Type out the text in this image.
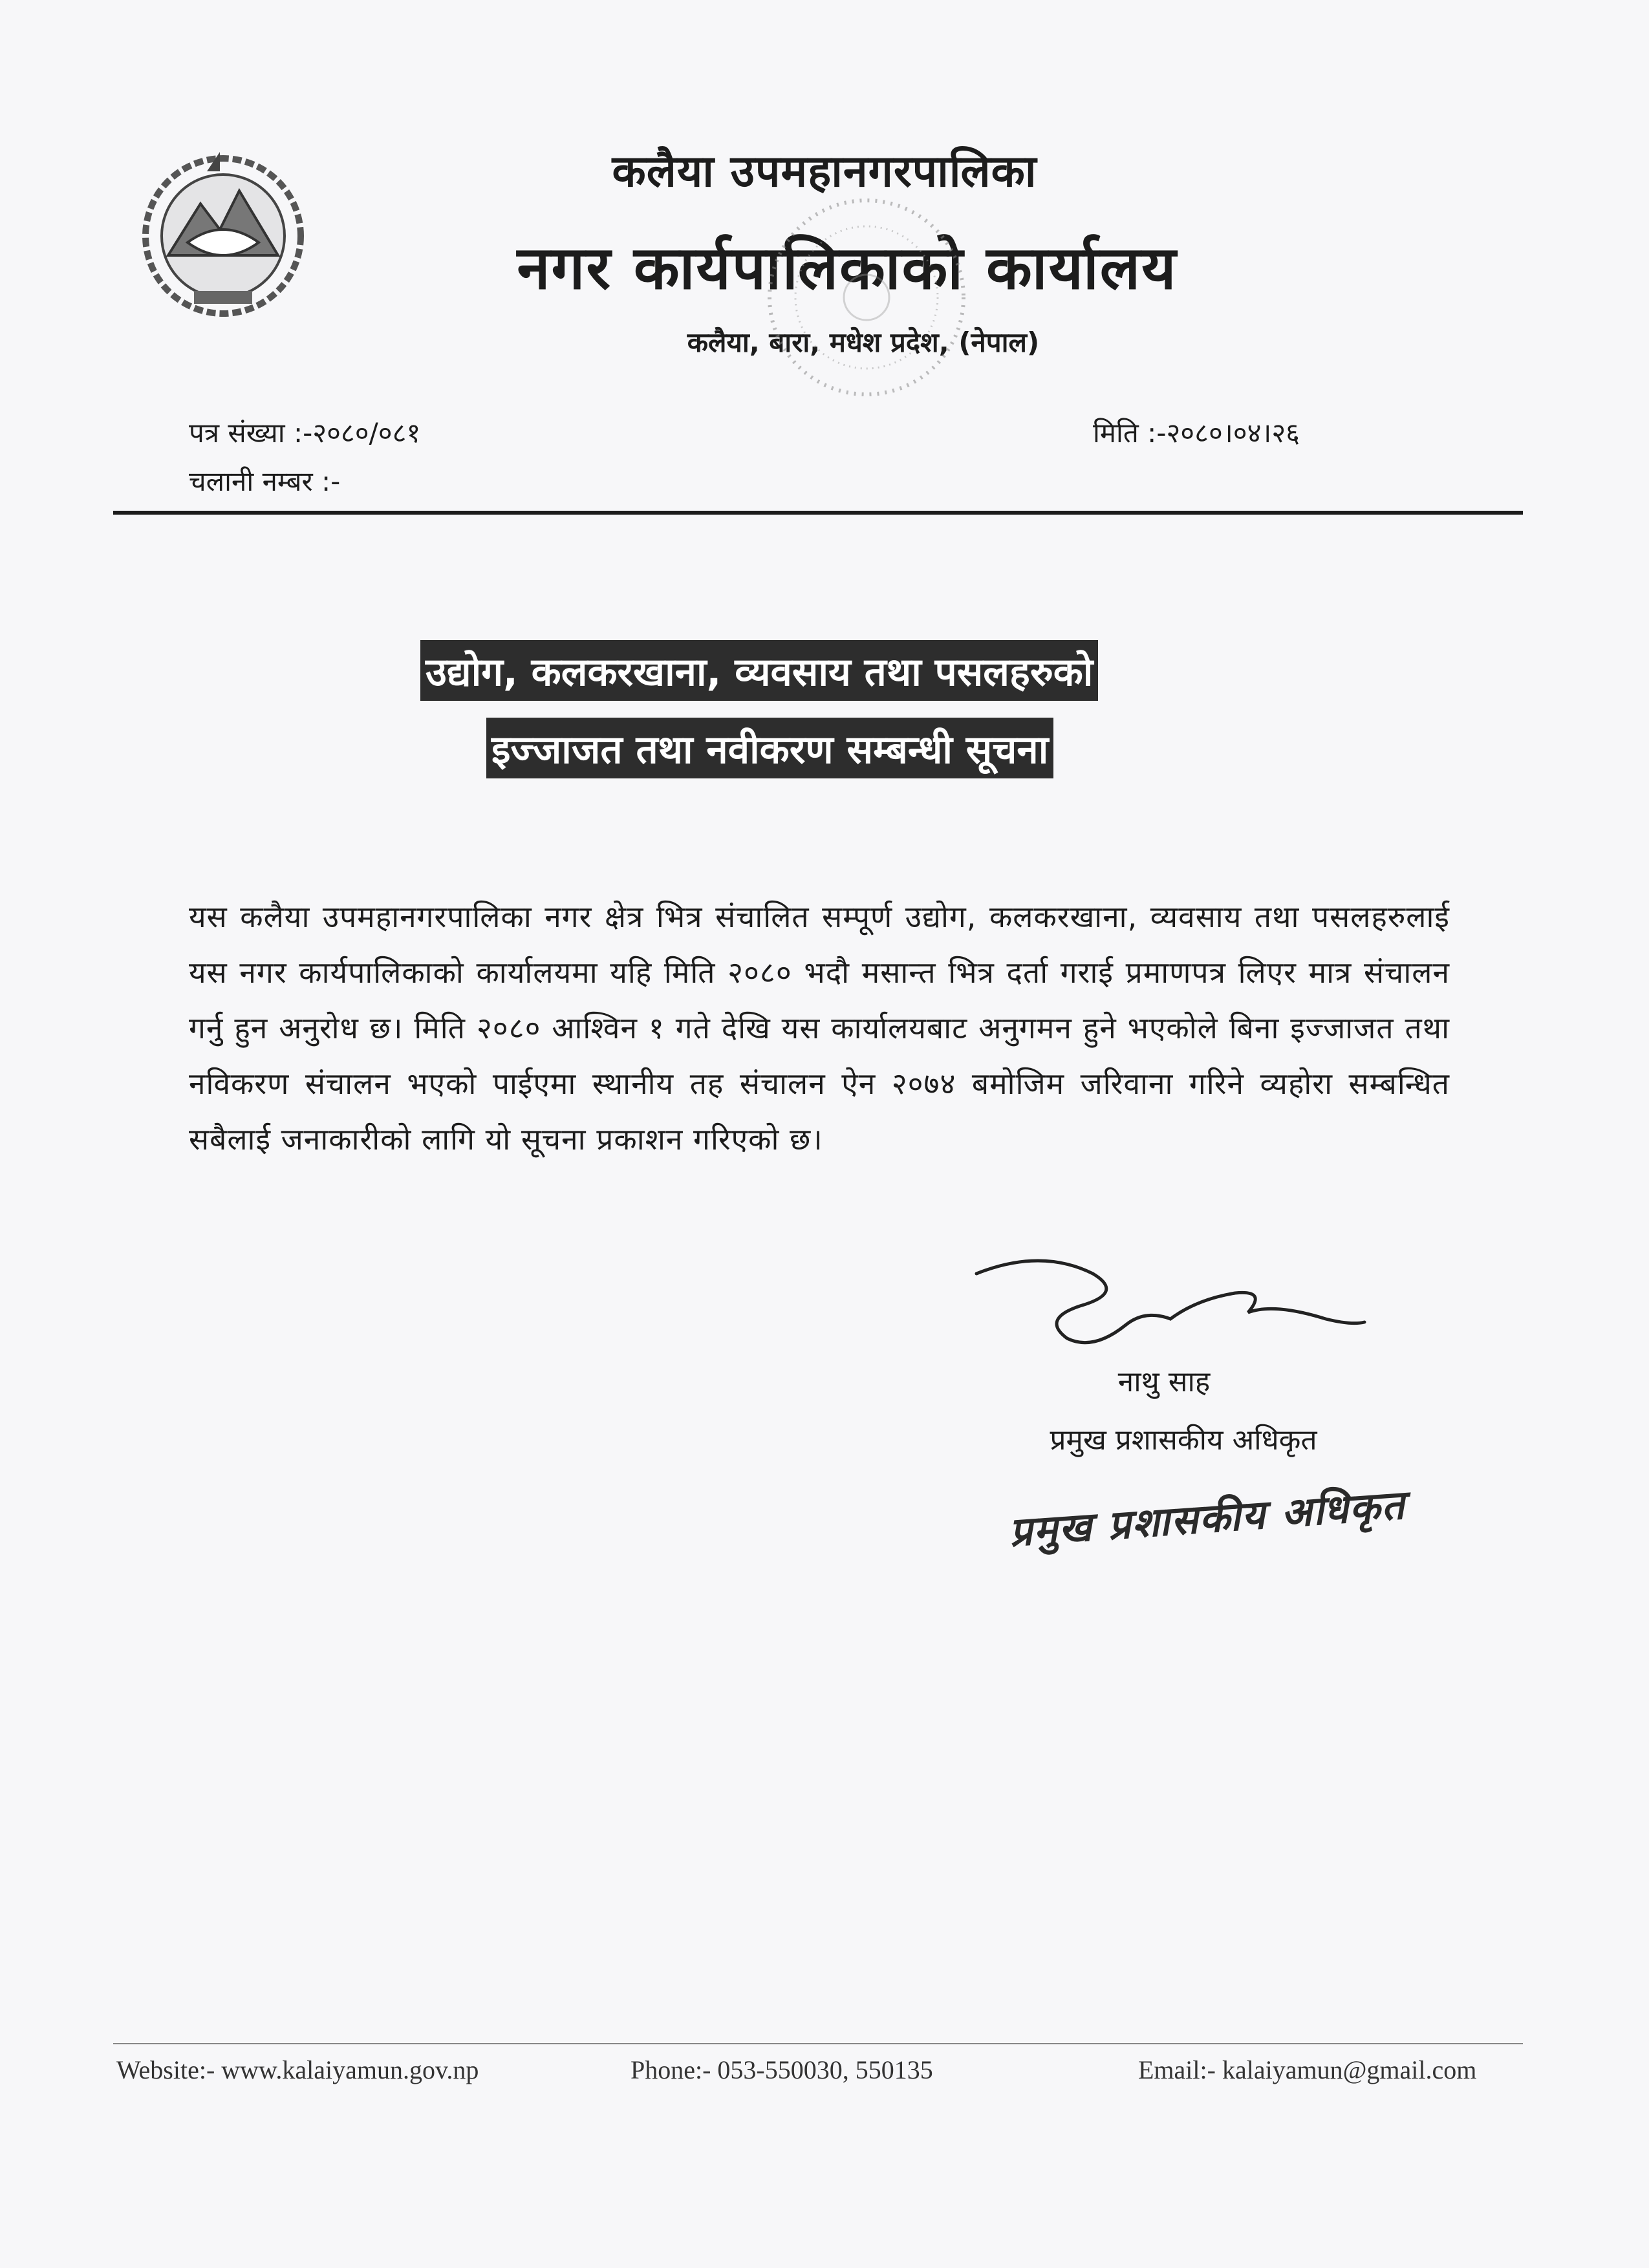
कलैया उपमहानगरपालिका
नगर कार्यपालिकाको कार्यालय
कलैया, बारा, मधेश प्रदेश, (नेपाल)
पत्र संख्या :-२०८०/०८१
चलानी नम्बर :-
मिति :-२०८०।०४।२६
उद्योग, कलकरखाना, व्यवसाय तथा पसलहरुको
इज्जाजत तथा नवीकरण सम्बन्धी सूचना
यस कलैया उपमहानगरपालिका नगर क्षेत्र भित्र संचालित सम्पूर्ण उद्योग, कलकरखाना, व्यवसाय तथा पसलहरुलाई यस नगर कार्यपालिकाको कार्यालयमा यहि मिति २०८० भदौ मसान्त भित्र दर्ता गराई प्रमाणपत्र लिएर मात्र संचालन गर्नु हुन अनुरोध छ। मिति २०८० आश्विन १ गते देखि यस कार्यालयबाट अनुगमन हुने भएकोले बिना इज्जाजत तथा नविकरण संचालन भएको पाईएमा स्थानीय तह संचालन ऐन २०७४ बमोजिम जरिवाना गरिने व्यहोरा सम्बन्धित सबैलाई जनाकारीको लागि यो सूचना प्रकाशन गरिएको छ।
नाथु साह
प्रमुख प्रशासकीय अधिकृत
प्रमुख प्रशासकीय अधिकृत
Website:- www.kalaiyamun.gov.np	Phone:- 053-550030, 550135	Email:- kalaiyamun@gmail.com
